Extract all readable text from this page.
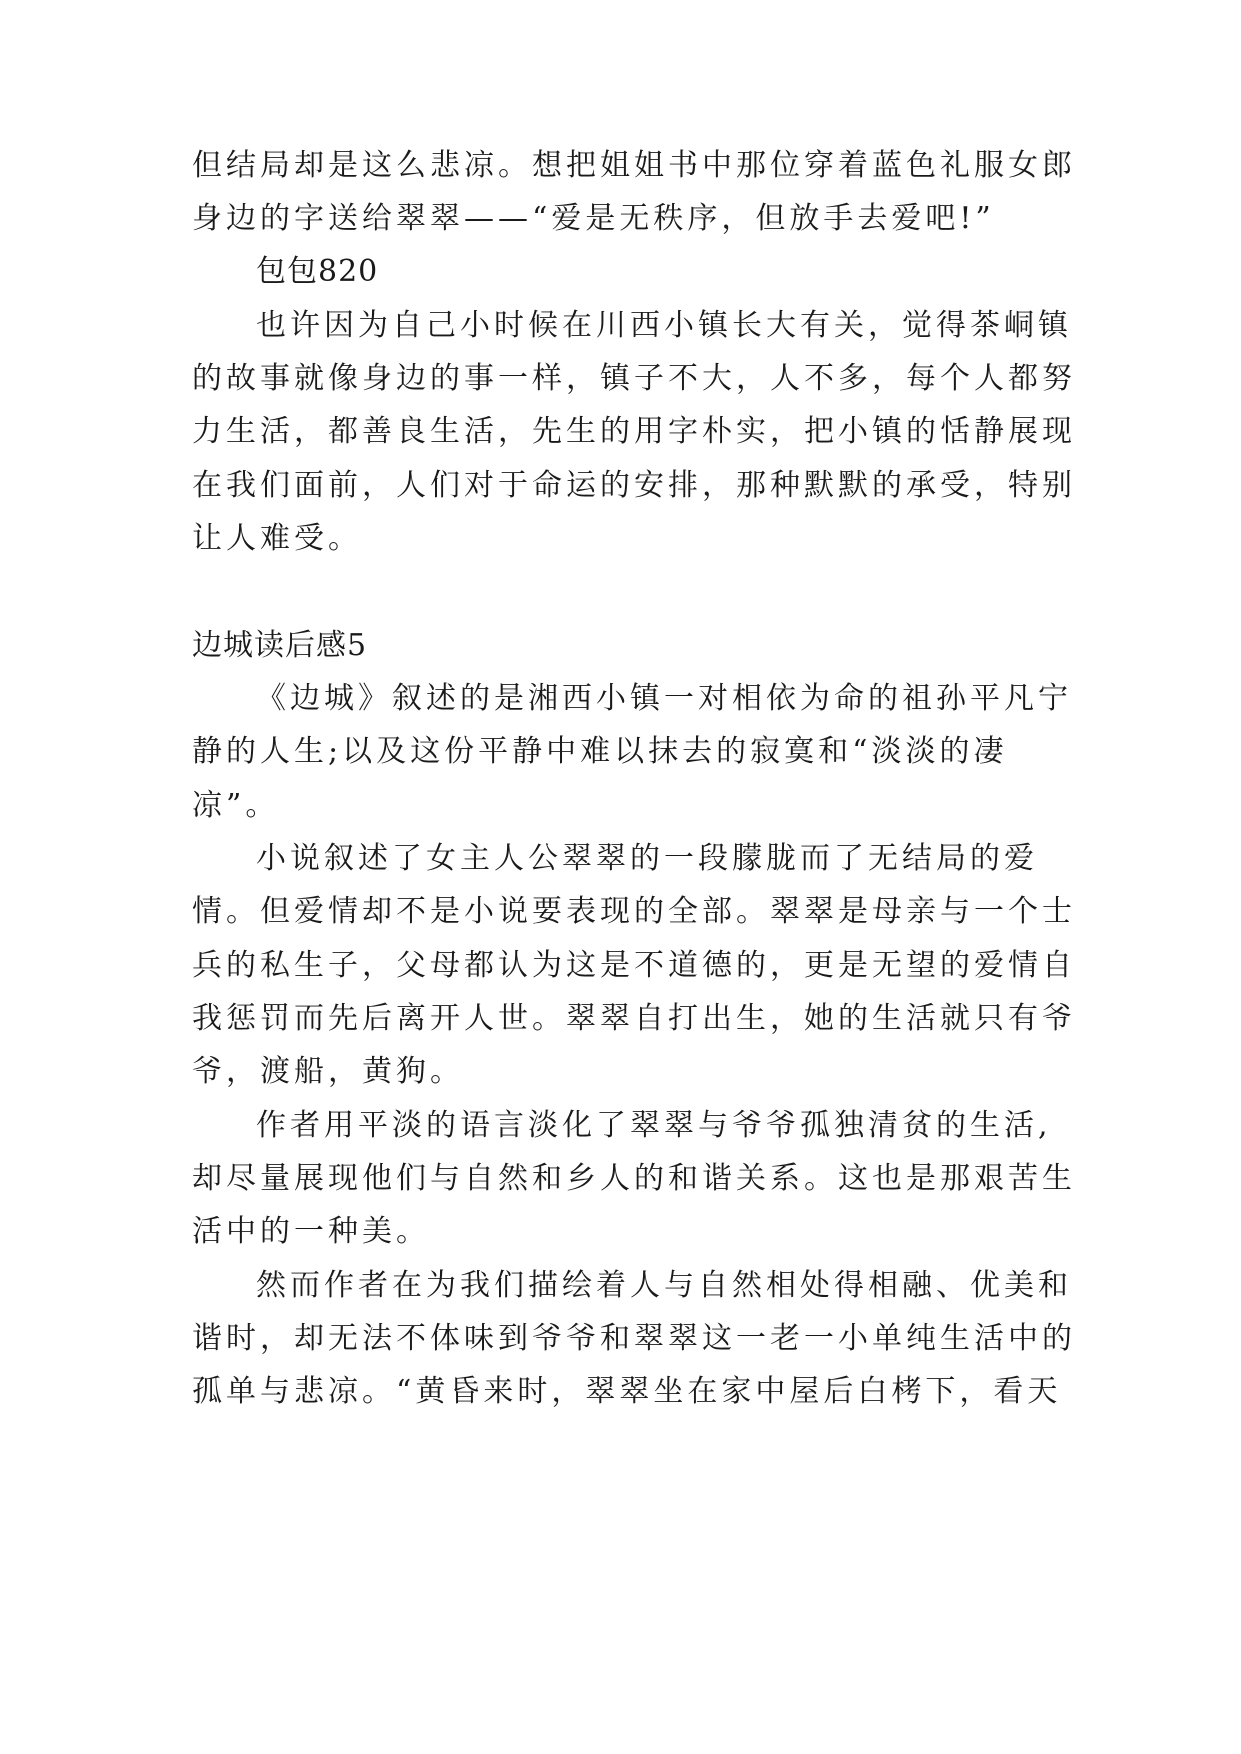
但结局却是这么悲凉。想把姐姐书中那位穿着蓝色礼服女郎
身边的字送给翠翠——“爱是无秩序，但放手去爱吧!”
包包820
也许因为自己小时候在川西小镇长大有关，觉得茶峒镇
的故事就像身边的事一样，镇子不大，人不多，每个人都努
力生活，都善良生活，先生的用字朴实，把小镇的恬静展现
在我们面前，人们对于命运的安排，那种默默的承受，特别
让人难受。
边城读后感5
《边城》叙述的是湘西小镇一对相依为命的祖孙平凡宁
静的人生;以及这份平静中难以抹去的寂寞和“淡淡的凄
凉”。
小说叙述了女主人公翠翠的一段朦胧而了无结局的爱
情。但爱情却不是小说要表现的全部。翠翠是母亲与一个士
兵的私生子，父母都认为这是不道德的，更是无望的爱情自
我惩罚而先后离开人世。翠翠自打出生，她的生活就只有爷
爷，渡船，黄狗。
作者用平淡的语言淡化了翠翠与爷爷孤独清贫的生活,
却尽量展现他们与自然和乡人的和谐关系。这也是那艰苦生
活中的一种美。
然而作者在为我们描绘着人与自然相处得相融、优美和
谐时，却无法不体味到爷爷和翠翠这一老一小单纯生活中的
孤单与悲凉。“黄昏来时，翠翠坐在家中屋后白栲下，看天
